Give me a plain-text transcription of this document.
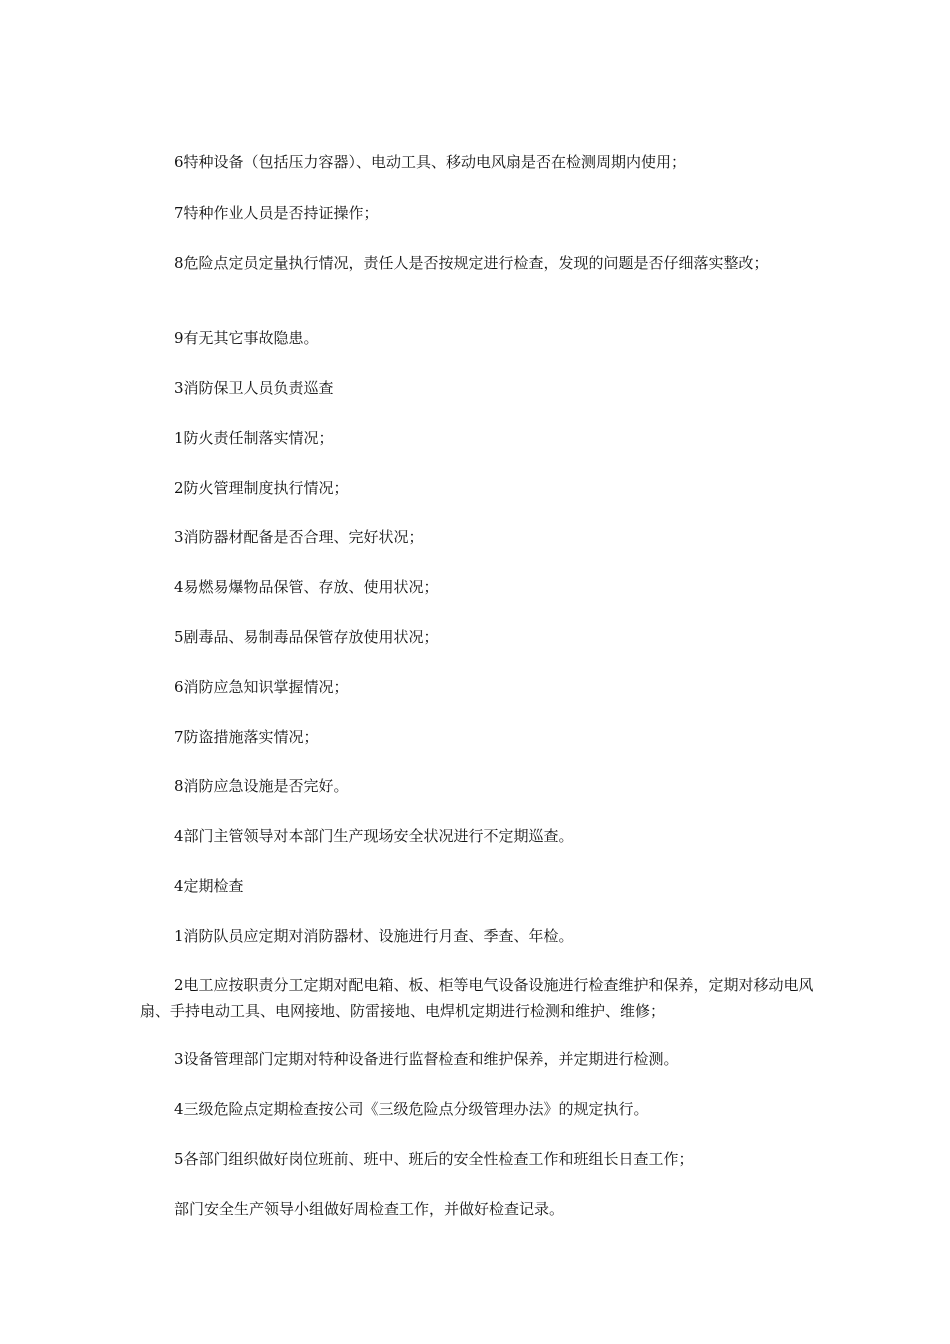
6特种设备（包括压力容器）、电动工具、移动电风扇是否在检测周期内使用；

7特种作业人员是否持证操作；

8危险点定员定量执行情况，责任人是否按规定进行检查，发现的问题是否仔细落实整改；

9有无其它事故隐患。

3消防保卫人员负责巡查

1防火责任制落实情况；

2防火管理制度执行情况；

3消防器材配备是否合理、完好状况；

4易燃易爆物品保管、存放、使用状况；

5剧毒品、易制毒品保管存放使用状况；

6消防应急知识掌握情况；

7防盗措施落实情况；

8消防应急设施是否完好。

4部门主管领导对本部门生产现场安全状况进行不定期巡查。

4定期检查

1消防队员应定期对消防器材、设施进行月查、季查、年检。

2电工应按职责分工定期对配电箱、板、柜等电气设备设施进行检查维护和保养，定期对移动电风扇、手持电动工具、电网接地、防雷接地、电焊机定期进行检测和维护、维修；

3设备管理部门定期对特种设备进行监督检查和维护保养，并定期进行检测。

4三级危险点定期检查按公司《三级危险点分级管理办法》的规定执行。

5各部门组织做好岗位班前、班中、班后的安全性检查工作和班组长日查工作；

部门安全生产领导小组做好周检查工作，并做好检查记录。
